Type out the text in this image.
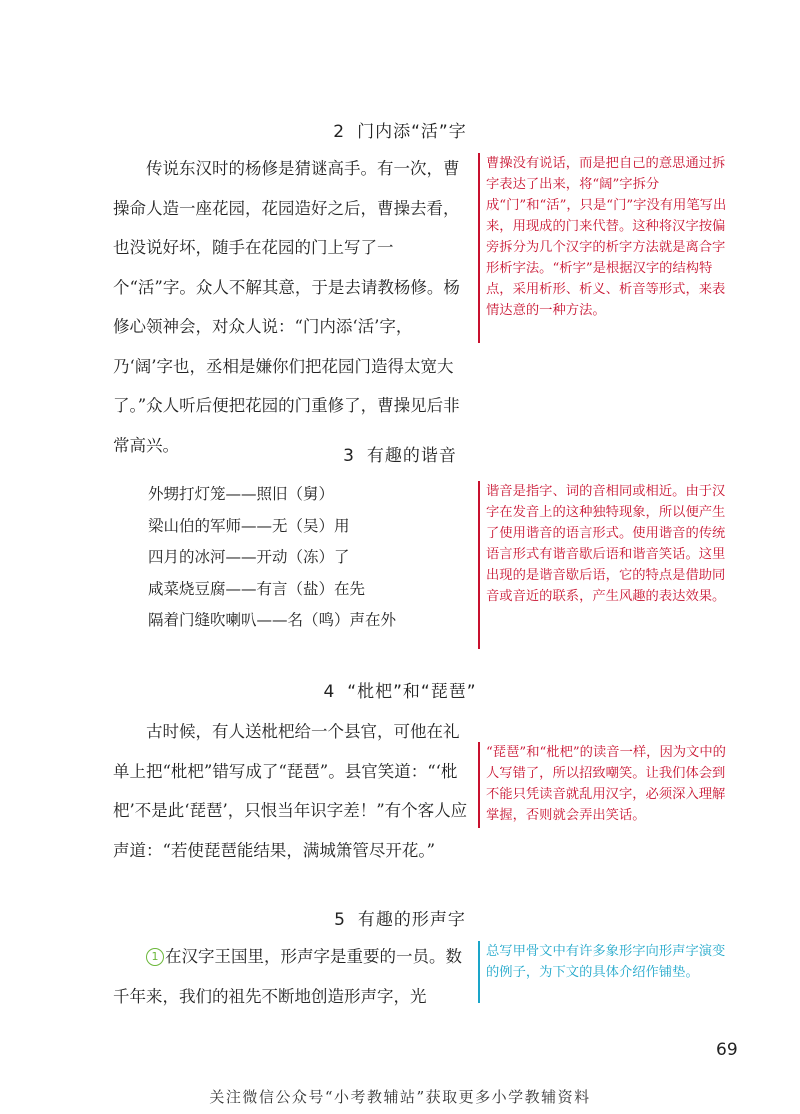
2 门内添“活”字

传说东汉时的杨修是猜谜高手。有一次，曹操命人造一座花园，花园造好之后，曹操去看，也没说好坏，随手在花园的门上写了一个“活”字。众人不解其意，于是去请教杨修。杨修心领神会，对众人说：“门内添‘活’字，乃‘阔’字也，丞相是嫌你们把花园门造得太宽大了。”众人听后便把花园的门重修了，曹操见后非常高兴。

曹操没有说话，而是把自己的意思通过拆字表达了出来，将“阔”字拆分成“门”和“活”，只是“门”字没有用笔写出来，用现成的门来代替。这种将汉字按偏旁拆分为几个汉字的析字方法就是离合字形析字法。“析字”是根据汉字的结构特点，采用析形、析义、析音等形式，来表情达意的一种方法。
3 有趣的谐音
外甥打灯笼——照旧（舅）
梁山伯的军师——无（吴）用
四月的冰河——开动（冻）了
咸菜烧豆腐——有言（盐）在先
隔着门缝吹喇叭——名（鸣）声在外
谐音是指字、词的音相同或相近。由于汉字在发音上的这种独特现象，所以便产生了使用谐音的语言形式。使用谐音的传统语言形式有谐音歇后语和谐音笑话。这里出现的是谐音歇后语，它的特点是借助同音或音近的联系，产生风趣的表达效果。
4 “枇杷”和“琵琶”

古时候，有人送枇杷给一个县官，可他在礼单上把“枇杷”错写成了“琵琶”。县官笑道：“‘枇杷’不是此‘琵琶’，只恨当年识字差！”有个客人应声道：“若使琵琶能结果，满城箫管尽开花。”

“琵琶”和“枇杷”的读音一样，因为文中的人写错了，所以招致嘲笑。让我们体会到不能只凭读音就乱用汉字，必须深入理解掌握，否则就会弄出笑话。
5 有趣的形声字

1 在汉字王国里，形声字是重要的一员。数千年来，我们的祖先不断地创造形声字，光

总写甲骨文中有许多象形字向形声字演变的例子，为下文的具体介绍作铺垫。
69
关注微信公众号“小考教辅站”获取更多小学教辅资料
